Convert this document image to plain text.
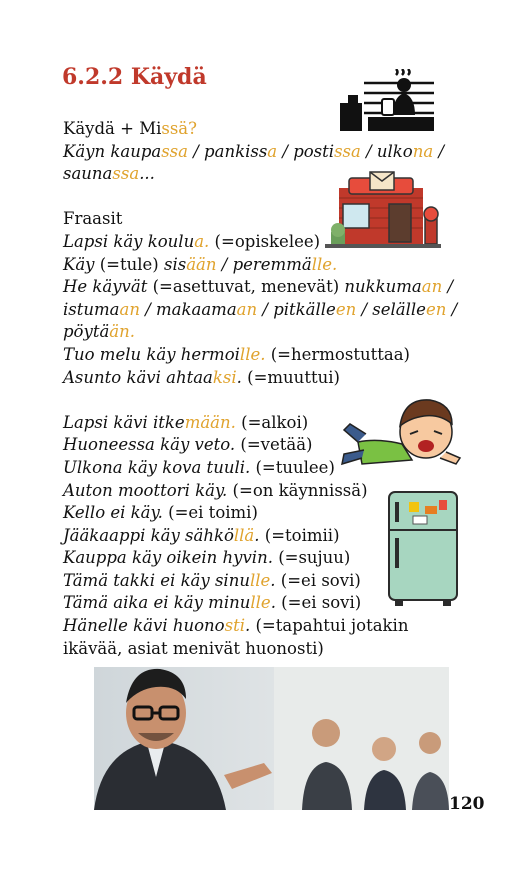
6.2.2 Käydä
Käydä + Missä?
Käyn kaupassa / pankissa / postissa / ulkona /
saunassa...
Fraasit
Lapsi käy koulua. (=opiskelee)
Käy (=tule) sisään / peremmälle.
He käyvät (=asettuvat, menevät) nukkumaan /
istumaan / makaamaan / pitkälleen / selälleen /
pöytään.
Tuo melu käy hermoille. (=hermostuttaa)
Asunto kävi ahtaaksi. (=muuttui)
Lapsi kävi itkemään. (=alkoi)
Huoneessa käy veto. (=vetää)
Ulkona käy kova tuuli. (=tuulee)
Auton moottori käy. (=on käynnissä)
Kello ei käy. (=ei toimi)
Jääkaappi käy sähköllä. (=toimii)
Kauppa käy oikein hyvin. (=sujuu)
Tämä takki ei käy sinulle. (=ei sovi)
Tämä aika ei käy minulle. (=ei sovi)
Hänelle kävi huonosti. (=tapahtui jotakin ikävää, asiat menivät huonosti)
120
